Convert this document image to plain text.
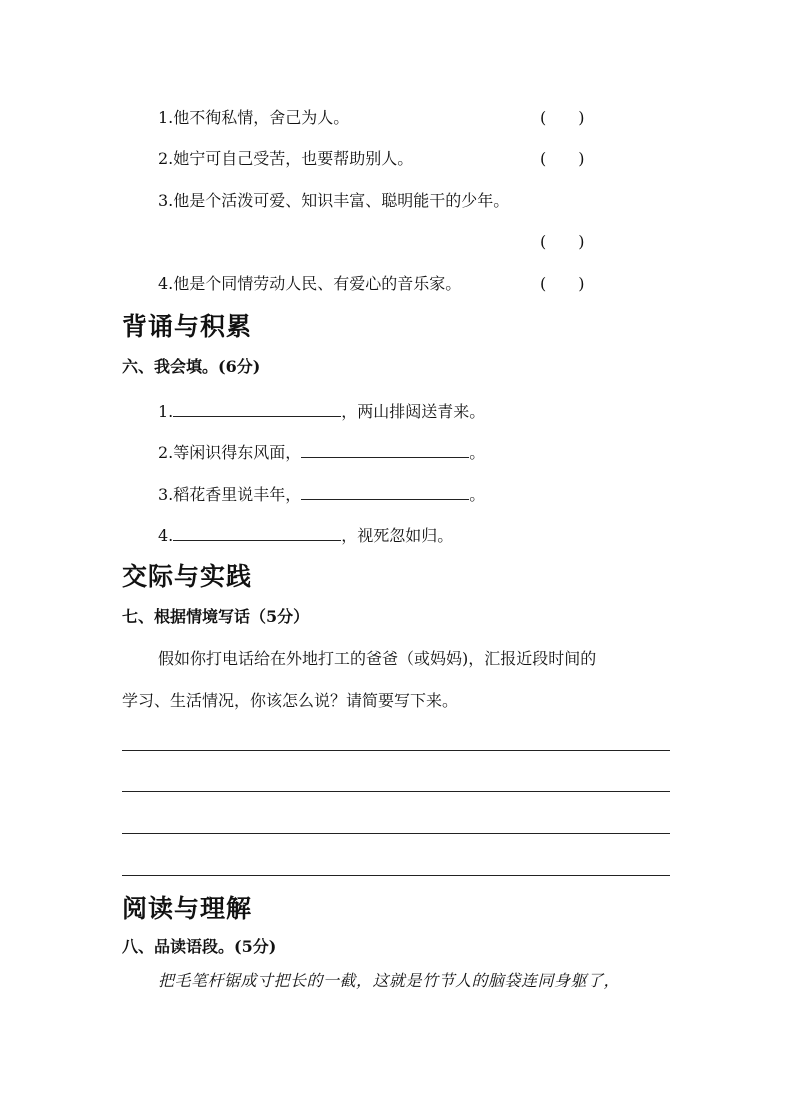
1.他不徇私情，舍己为人。	(　　)
2.她宁可自己受苦，也要帮助别人。	(　　)
3.他是个活泼可爱、知识丰富、聪明能干的少年。
(　　)
4.他是个同情劳动人民、有爱心的音乐家。	(　　)
背诵与积累
六、我会填。(6分)
1.	，两山排闼送青来。
2.等闲识得东风面，	。
3.稻花香里说丰年，	。
4.	，视死忽如归。
交际与实践
七、根据情境写话（5分）
假如你打电话给在外地打工的爸爸（或妈妈)，汇报近段时间的
学习、生活情况，你该怎么说？请简要写下来。
阅读与理解
八、品读语段。(5分)
把毛笔杆锯成寸把长的一截，这就是竹节人的脑袋连同身躯了，
